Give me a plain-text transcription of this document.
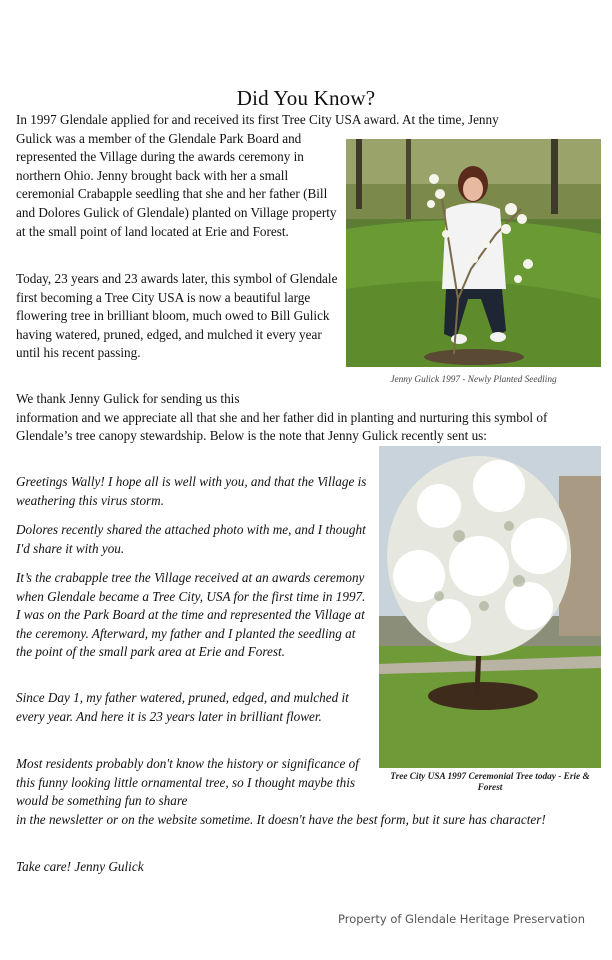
Did You Know?

In 1997 Glendale applied for and received its first Tree City USA award. At the time, Jenny

Gulick was a member of the Glendale Park Board and represented the Village during the awards ceremony in northern Ohio. Jenny brought back with her a small ceremonial Crabapple seedling that she and her father (Bill and Dolores Gulick of Glendale) planted on Village property at the small point of land located at Erie and Forest.

Jenny Gulick 1997 - Newly Planted Seedling

Today, 23 years and 23 awards later, this symbol of Glendale first becoming a Tree City USA is now a beautiful large flowering tree in brilliant bloom, much owed to Bill Gulick having watered, pruned, edged, and mulched it every year until his recent passing.

We thank Jenny Gulick for sending us this

information and we appreciate all that she and her father did in planting and nurturing this symbol of Glendale’s tree canopy stewardship. Below is the note that Jenny Gulick recently sent us:

Tree City USA 1997 Ceremonial Tree today - Erie & Forest

Greetings Wally! I hope all is well with you, and that the Village is weathering this virus storm.

Dolores recently shared the attached photo with me, and I thought I'd share it with you.

It’s the crabapple tree the Village received at an awards ceremony when Glendale became a Tree City, USA for the first time in 1997. I was on the Park Board at the time and represented the Village at the ceremony. Afterward, my father and I planted the seedling at the point of the small park area at Erie and Forest.

Since Day 1, my father watered, pruned, edged, and mulched it every year. And here it is 23 years later in brilliant flower.

Most residents probably don't know the history or significance of this funny looking little ornamental tree, so I thought maybe this would be something fun to share

in the newsletter or on the website sometime. It doesn't have the best form, but it sure has character!

Take care! Jenny Gulick

Property of Glendale Heritage Preservation
